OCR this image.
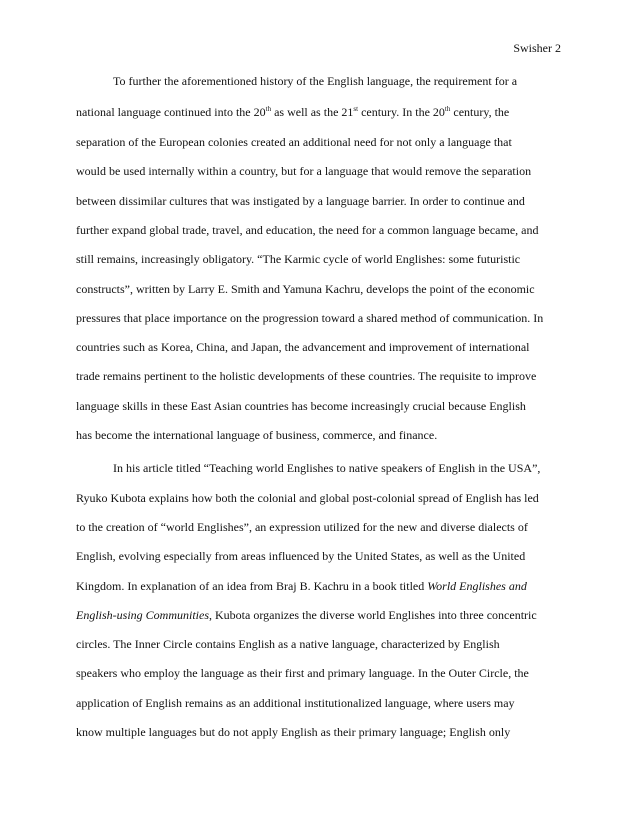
Swisher 2
To further the aforementioned history of the English language, the requirement for a
national language continued into the 20th as well as the 21st century. In the 20th century, the
separation of the European colonies created an additional need for not only a language that
would be used internally within a country, but for a language that would remove the separation
between dissimilar cultures that was instigated by a language barrier. In order to continue and
further expand global trade, travel, and education, the need for a common language became, and
still remains, increasingly obligatory. “The Karmic cycle of world Englishes: some futuristic
constructs”, written by Larry E. Smith and Yamuna Kachru, develops the point of the economic
pressures that place importance on the progression toward a shared method of communication. In
countries such as Korea, China, and Japan, the advancement and improvement of international
trade remains pertinent to the holistic developments of these countries. The requisite to improve
language skills in these East Asian countries has become increasingly crucial because English
has become the international language of business, commerce, and finance.
In his article titled “Teaching world Englishes to native speakers of English in the USA”,
Ryuko Kubota explains how both the colonial and global post-colonial spread of English has led
to the creation of “world Englishes”, an expression utilized for the new and diverse dialects of
English, evolving especially from areas influenced by the United States, as well as the United
Kingdom. In explanation of an idea from Braj B. Kachru in a book titled World Englishes and
English-using Communities, Kubota organizes the diverse world Englishes into three concentric
circles. The Inner Circle contains English as a native language, characterized by English
speakers who employ the language as their first and primary language. In the Outer Circle, the
application of English remains as an additional institutionalized language, where users may
know multiple languages but do not apply English as their primary language; English only
